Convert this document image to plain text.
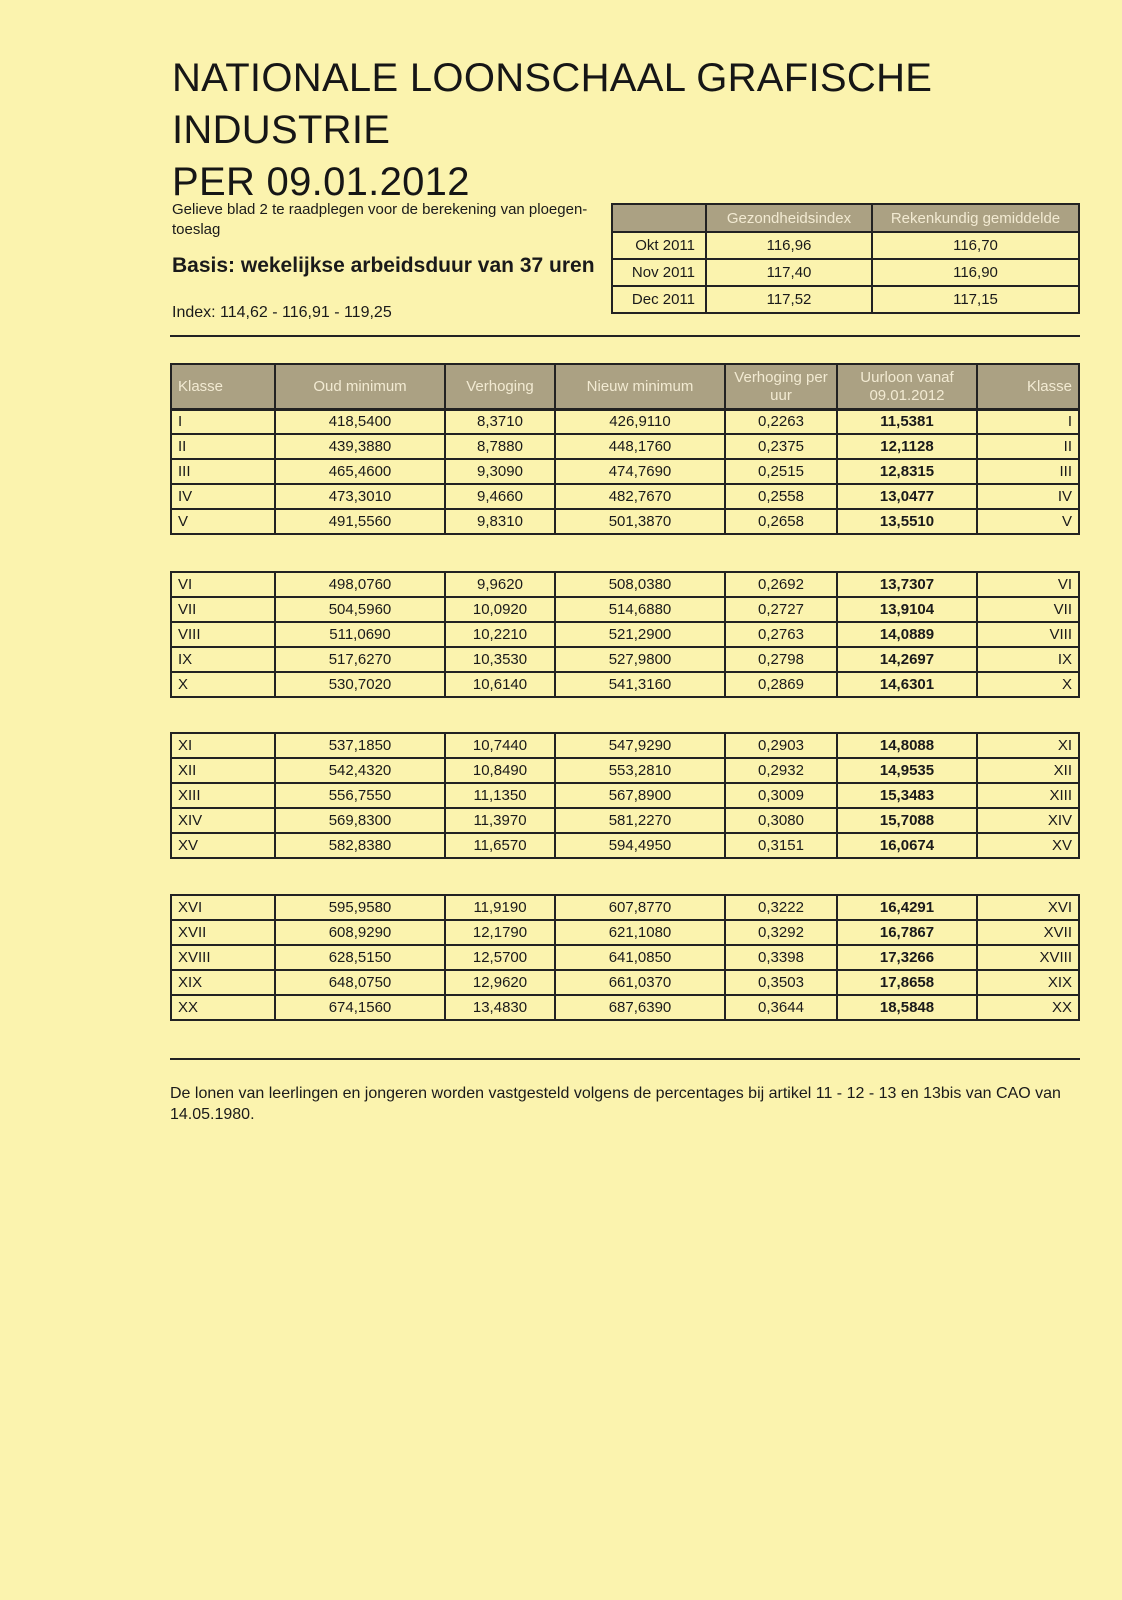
NATIONALE LOONSCHAAL GRAFISCHE INDUSTRIE
PER 09.01.2012

Gelieve blad 2 te raadplegen voor de berekening van ploegen-toeslag

Basis: wekelijkse arbeidsduur van 37 uren

Index: 114,62 - 116,91 - 119,25

	Gezondheidsindex	Rekenkundig gemiddelde
Okt 2011	116,96	116,70
Nov 2011	117,40	116,90
Dec 2011	117,52	117,15
Klasse	Oud minimum	Verhoging	Nieuw minimum	Verhoging per uur	Uurloon vanaf 09.01.2012	Klasse
I	418,5400	8,3710	426,9110	0,2263	11,5381	I
II	439,3880	8,7880	448,1760	0,2375	12,1128	II
III	465,4600	9,3090	474,7690	0,2515	12,8315	III
IV	473,3010	9,4660	482,7670	0,2558	13,0477	IV
V	491,5560	9,8310	501,3870	0,2658	13,5510	V
VI	498,0760	9,9620	508,0380	0,2692	13,7307	VI
VII	504,5960	10,0920	514,6880	0,2727	13,9104	VII
VIII	511,0690	10,2210	521,2900	0,2763	14,0889	VIII
IX	517,6270	10,3530	527,9800	0,2798	14,2697	IX
X	530,7020	10,6140	541,3160	0,2869	14,6301	X
XI	537,1850	10,7440	547,9290	0,2903	14,8088	XI
XII	542,4320	10,8490	553,2810	0,2932	14,9535	XII
XIII	556,7550	11,1350	567,8900	0,3009	15,3483	XIII
XIV	569,8300	11,3970	581,2270	0,3080	15,7088	XIV
XV	582,8380	11,6570	594,4950	0,3151	16,0674	XV
XVI	595,9580	11,9190	607,8770	0,3222	16,4291	XVI
XVII	608,9290	12,1790	621,1080	0,3292	16,7867	XVII
XVIII	628,5150	12,5700	641,0850	0,3398	17,3266	XVIII
XIX	648,0750	12,9620	661,0370	0,3503	17,8658	XIX
XX	674,1560	13,4830	687,6390	0,3644	18,5848	XX

De lonen van leerlingen en jongeren worden vastgesteld volgens de percentages bij artikel 11 - 12 - 13 en 13bis van CAO van 14.05.1980.
